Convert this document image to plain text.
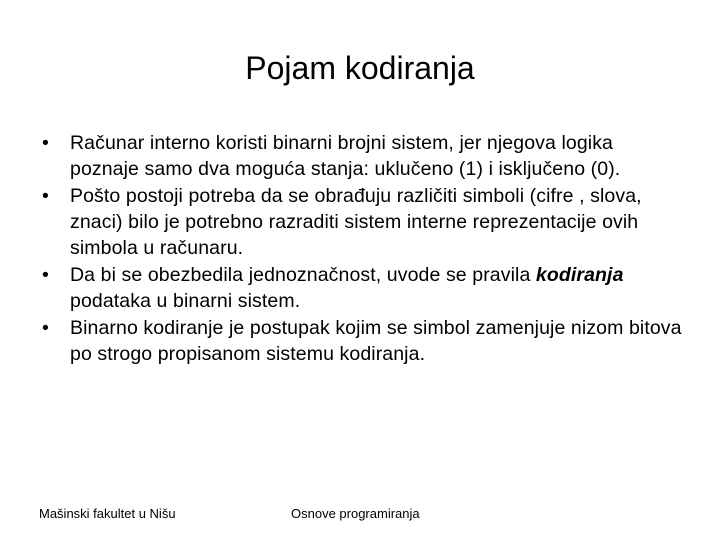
Pojam kodiranja
• Računar interno koristi binarni brojni sistem, jer njegova logika poznaje samo dva moguća stanja: uklučeno (1) i isključeno (0).
• Pošto postoji potreba da se obrađuju različiti simboli (cifre , slova, znaci) bilo je potrebno razraditi sistem interne reprezentacije ovih simbola u računaru.
• Da bi se obezbedila jednoznačnost, uvode se pravila kodiranja podataka u binarni sistem.
• Binarno kodiranje je postupak kojim se simbol zamenjuje nizom bitova po strogo propisanom sistemu kodiranja.
Mašinski fakultet u Nišu	Osnove programiranja
